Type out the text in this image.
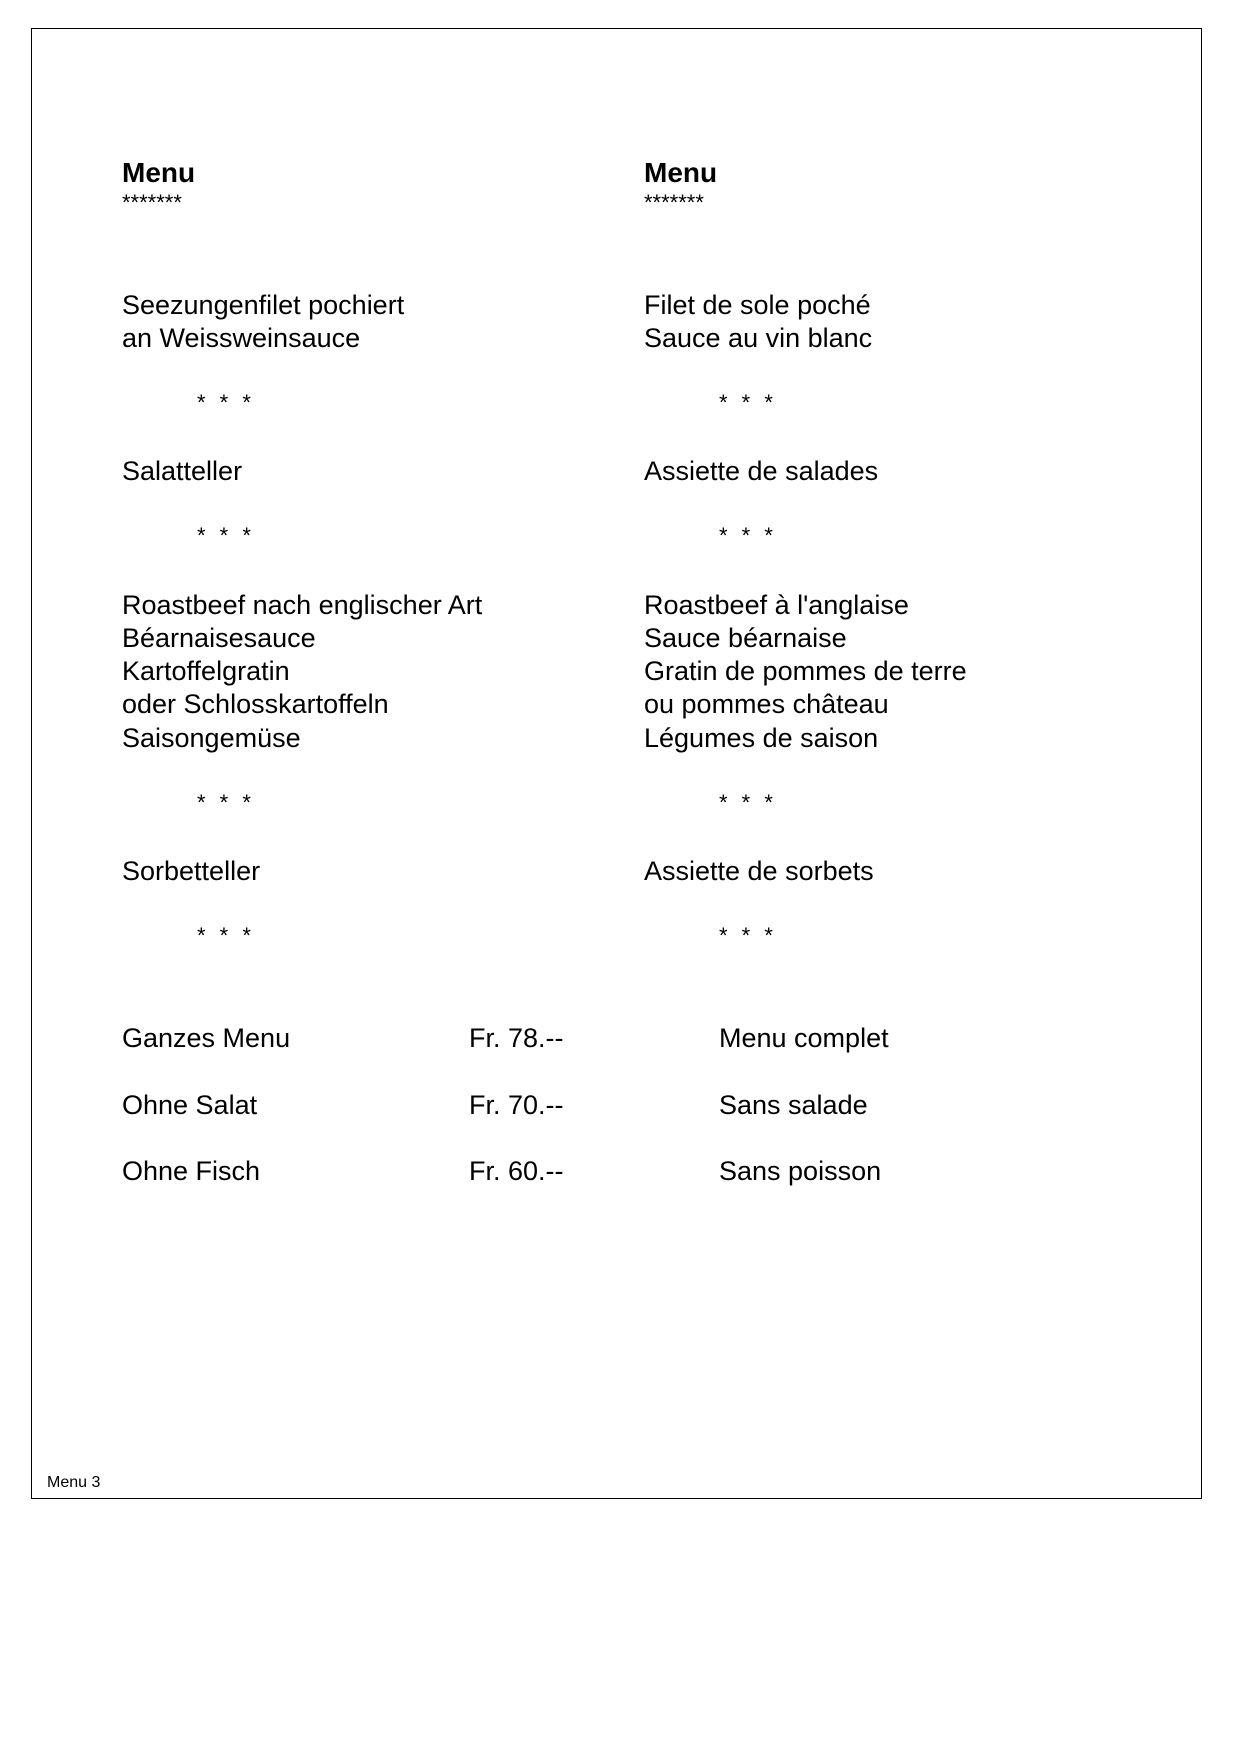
Menu
*******
Seezungenfilet pochiert
an Weissweinsauce
* * *
Salatteller
* * *
Roastbeef nach englischer Art
Béarnaisesauce
Kartoffelgratin
oder Schlosskartoffeln
Saisongemüse
* * *
Sorbetteller
* * *
Menu
*******
Filet de sole poché
Sauce au vin blanc
* * *
Assiette de salades
* * *
Roastbeef à l'anglaise
Sauce béarnaise
Gratin de pommes de terre
ou pommes château
Légumes de saison
* * *
Assiette de sorbets
* * *
Ganzes Menu	Fr. 78.--	Menu complet
Ohne Salat	Fr. 70.--	Sans salade
Ohne Fisch	Fr. 60.--	Sans poisson
Menu 3
